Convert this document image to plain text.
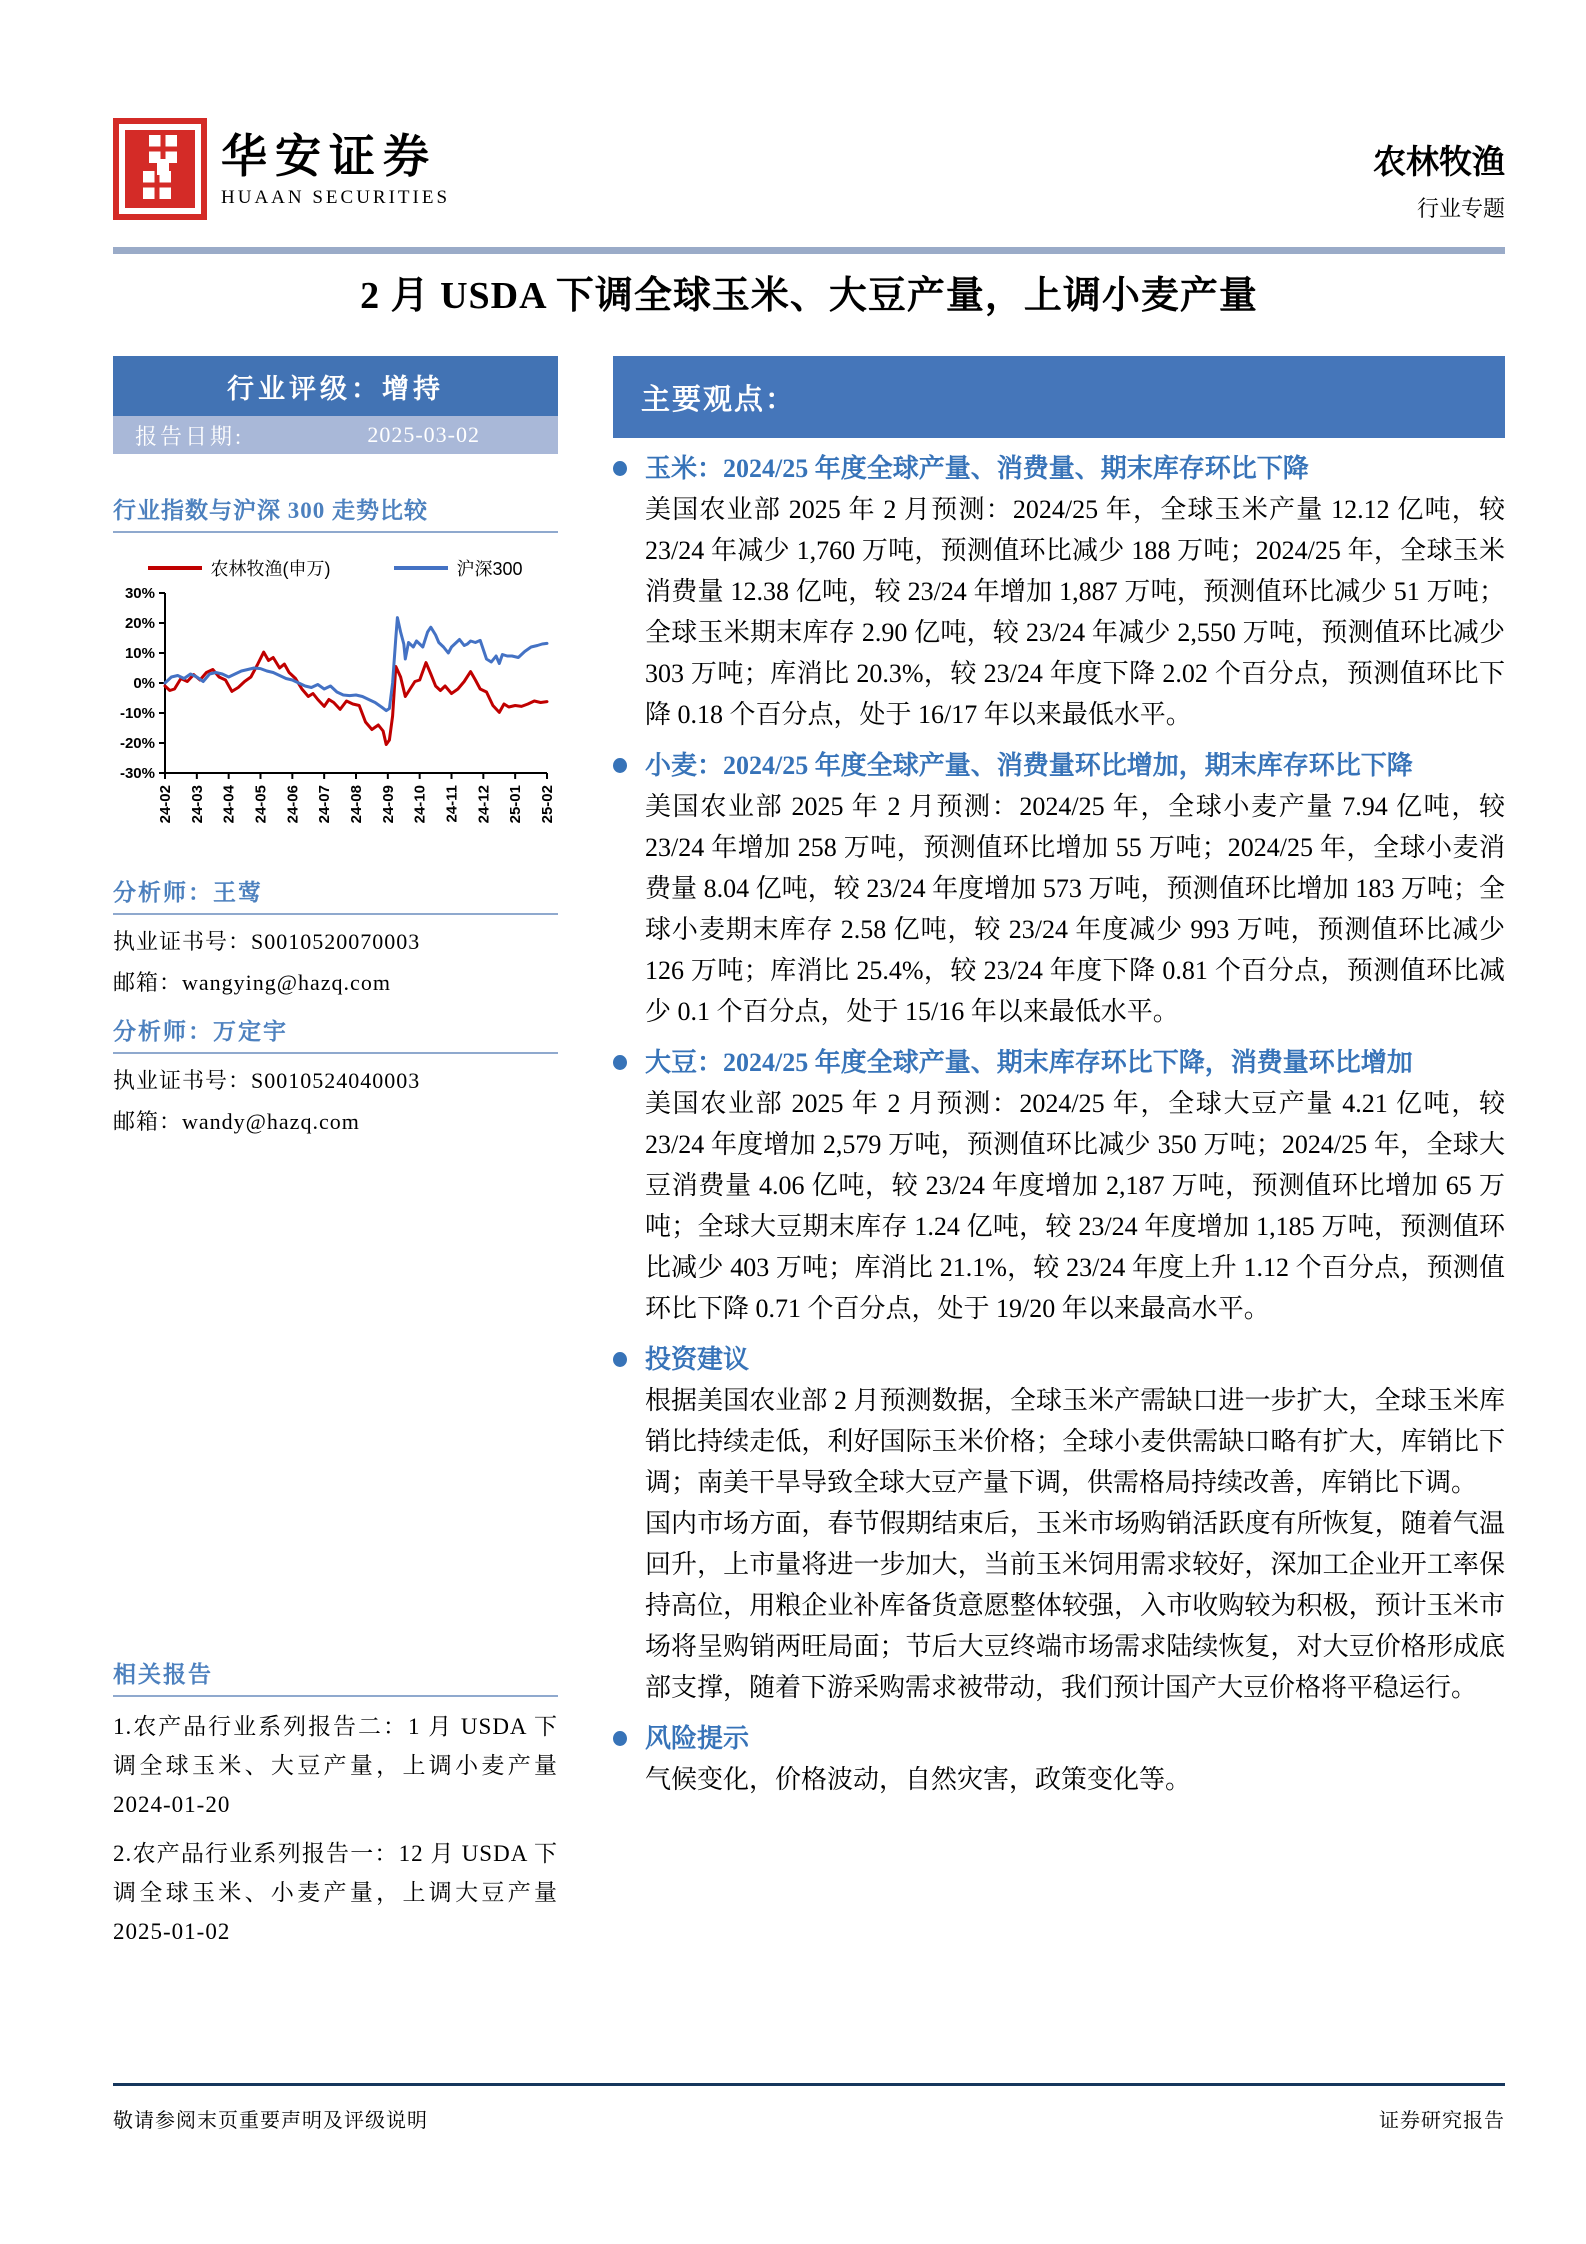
华安证券
HUAAN SECURITIES
农林牧渔
行业专题
2 月 USDA 下调全球玉米、大豆产量，上调小麦产量
行业评级：增持
报告日期:	2025-03-02
行业指数与沪深 300 走势比较
农林牧渔(申万)	沪深300
30%
20%
10%
0%
-10%
-20%
-30%
24-02 24-03 24-04 24-05 24-06 24-07 24-08 24-09 24-10 24-11 24-12 25-01 25-02
分析师：王莺
执业证书号：S0010520070003
邮箱：wangying@hazq.com
分析师：万定宇
执业证书号：S0010524040003
邮箱：wandy@hazq.com
相关报告
1.农产品行业系列报告二：1 月 USDA 下调全球玉米、大豆产量，上调小麦产量 2024-01-20
2.农产品行业系列报告一：12 月 USDA 下调全球玉米、小麦产量，上调大豆产量 2025-01-02
主要观点：
玉米：2024/25 年度全球产量、消费量、期末库存环比下降

美国农业部 2025 年 2 月预测：2024/25 年，全球玉米产量 12.12 亿吨，较 23/24 年减少 1,760 万吨，预测值环比减少 188 万吨；2024/25 年，全球玉米消费量 12.38 亿吨，较 23/24 年增加 1,887 万吨，预测值环比减少 51 万吨；全球玉米期末库存 2.90 亿吨，较 23/24 年减少 2,550 万吨，预测值环比减少 303 万吨；库消比 20.3%，较 23/24 年度下降 2.02 个百分点，预测值环比下降 0.18 个百分点，处于 16/17 年以来最低水平。

小麦：2024/25 年度全球产量、消费量环比增加，期末库存环比下降

美国农业部 2025 年 2 月预测：2024/25 年，全球小麦产量 7.94 亿吨，较 23/24 年增加 258 万吨，预测值环比增加 55 万吨；2024/25 年，全球小麦消费量 8.04 亿吨，较 23/24 年度增加 573 万吨，预测值环比增加 183 万吨；全球小麦期末库存 2.58 亿吨，较 23/24 年度减少 993 万吨，预测值环比减少 126 万吨；库消比 25.4%，较 23/24 年度下降 0.81 个百分点，预测值环比减少 0.1 个百分点，处于 15/16 年以来最低水平。

大豆：2024/25 年度全球产量、期末库存环比下降，消费量环比增加

美国农业部 2025 年 2 月预测：2024/25 年，全球大豆产量 4.21 亿吨，较 23/24 年度增加 2,579 万吨，预测值环比减少 350 万吨；2024/25 年，全球大豆消费量 4.06 亿吨，较 23/24 年度增加 2,187 万吨，预测值环比增加 65 万吨；全球大豆期末库存 1.24 亿吨，较 23/24 年度增加 1,185 万吨，预测值环比减少 403 万吨；库消比 21.1%，较 23/24 年度上升 1.12 个百分点，预测值环比下降 0.71 个百分点，处于 19/20 年以来最高水平。

投资建议

根据美国农业部 2 月预测数据，全球玉米产需缺口进一步扩大，全球玉米库销比持续走低，利好国际玉米价格；全球小麦供需缺口略有扩大，库销比下调；南美干旱导致全球大豆产量下调，供需格局持续改善，库销比下调。

国内市场方面，春节假期结束后，玉米市场购销活跃度有所恢复，随着气温回升，上市量将进一步加大，当前玉米饲用需求较好，深加工企业开工率保持高位，用粮企业补库备货意愿整体较强，入市收购较为积极，预计玉米市场将呈购销两旺局面；节后大豆终端市场需求陆续恢复，对大豆价格形成底部支撑，随着下游采购需求被带动，我们预计国产大豆价格将平稳运行。

风险提示

气候变化，价格波动，自然灾害，政策变化等。

敬请参阅末页重要声明及评级说明	证券研究报告
